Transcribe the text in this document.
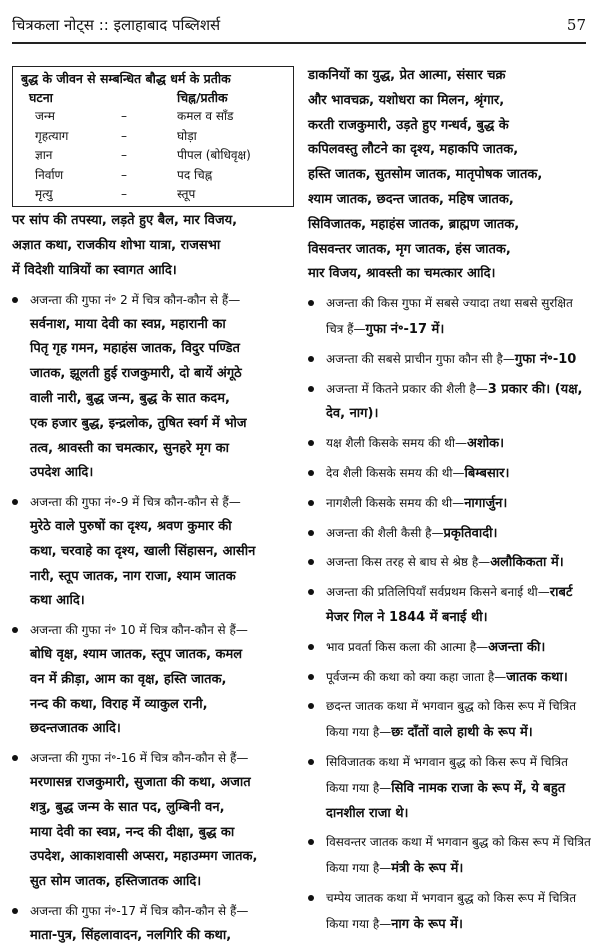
चित्रकला नोट्स :: इलाहाबाद पब्लिशर्स	57
बुद्ध के जीवन से सम्बन्धित बौद्ध धर्म के प्रतीक
घटना	चिह्न/प्रतीक
जन्म	–	कमल व साँड
गृहत्याग	–	घोड़ा
ज्ञान	–	पीपल (बोधिवृक्ष)
निर्वाण	–	पद चिह्न
मृत्यु	–	स्तूप
पर सांप की तपस्या, लड़ते हुए बैल, मार विजय,
अज्ञात कथा, राजकीय शोभा यात्रा, राजसभा
में विदेशी यात्रियों का स्वागत आदि।
अजन्ता की गुफा नं॰ 2 में चित्र कौन-कौन से हैं—
सर्वनाश, माया देवी का स्वप्न, महारानी का
पितृ गृह गमन, महाहंस जातक, विदुर पण्डित
जातक, झूलती हुई राजकुमारी, दो बायें अंगूठे
वाली नारी, बुद्ध जन्म, बुद्ध के सात कदम,
एक हजार बुद्ध, इन्द्रलोक, तुषित स्वर्ग में भोज
तत्व, श्रावस्ती का चमत्कार, सुनहरे मृग का
उपदेश आदि।
अजन्ता की गुफा नं॰-9 में चित्र कौन-कौन से हैं—
मुरेठे वाले पुरुषों का दृश्य, श्रवण कुमार की
कथा, चरवाहे का दृश्य, खाली सिंहासन, आसीन
नारी, स्तूप जातक, नाग राजा, श्याम जातक
कथा आदि।
अजन्ता की गुफा नं॰ 10 में चित्र कौन-कौन से हैं—
बोधि वृक्ष, श्याम जातक, स्तूप जातक, कमल
वन में क्रीड़ा, आम का वृक्ष, हस्ति जातक,
नन्द की कथा, विराह में व्याकुल रानी,
छदन्तजातक आदि।
अजन्ता की गुफा नं॰-16 में चित्र कौन-कौन से हैं—
मरणासन्न राजकुमारी, सुजाता की कथा, अजात
शत्रु, बुद्ध जन्म के सात पद, लुम्बिनी वन,
माया देवी का स्वप्न, नन्द की दीक्षा, बुद्ध का
उपदेश, आकाशवासी अप्सरा, महाउम्मग जातक,
सुत सोम जातक, हस्तिजातक आदि।
अजन्ता की गुफा नं॰-17 में चित्र कौन-कौन से हैं—
माता-पुत्र, सिंहलावादन, नलगिरि की कथा,
डाकनियों का युद्ध, प्रेत आत्मा, संसार चक्र
और भावचक्र, यशोधरा का मिलन, श्रृंगार,
करती राजकुमारी, उड़ते हुए गन्धर्व, बुद्ध के
कपिलवस्तु लौटने का दृश्य, महाकपि जातक,
हस्ति जातक, सुतसोम जातक, मातृपोषक जातक,
श्याम जातक, छदन्त जातक, महिष जातक,
सिविजातक, महाहंस जातक, ब्राह्मण जातक,
विसवन्तर जातक, मृग जातक, हंस जातक,
मार विजय, श्रावस्ती का चमत्कार आदि।
अजन्ता की किस गुफा में सबसे ज्यादा तथा सबसे सुरक्षित चित्र हैं—गुफा नं॰-17 में।
अजन्ता की सबसे प्राचीन गुफा कौन सी है—गुफा नं॰-10
अजन्ता में कितने प्रकार की शैली है—3 प्रकार की। (यक्ष, देव, नाग)।
यक्ष शैली किसके समय की थी—अशोक।
देव शैली किसके समय की थी—बिम्बसार।
नागशैली किसके समय की थी—नागार्जुन।
अजन्ता की शैली कैसी है—प्रकृतिवादी।
अजन्ता किस तरह से बाघ से श्रेष्ठ है—अलौकिकता में।
अजन्ता की प्रतिलिपियाँ सर्वप्रथम किसने बनाई थी—राबर्ट मेजर गिल ने 1844 में बनाई थी।
भाव प्रवर्ता किस कला की आत्मा है—अजन्ता की।
पूर्वजन्म की कथा को क्या कहा जाता है—जातक कथा।
छदन्त जातक कथा में भगवान बुद्ध को किस रूप में चित्रित किया गया है—छः दाँतों वाले हाथी के रूप में।
सिविजातक कथा में भगवान बुद्ध को किस रूप में चित्रित किया गया है—सिवि नामक राजा के रूप में, ये बहुत दानशील राजा थे।
विसवन्तर जातक कथा में भगवान बुद्ध को किस रूप में चित्रित किया गया है—मंत्री के रूप में।
चम्पेय जातक कथा में भगवान बुद्ध को किस रूप में चित्रित किया गया है—नाग के रूप में।
